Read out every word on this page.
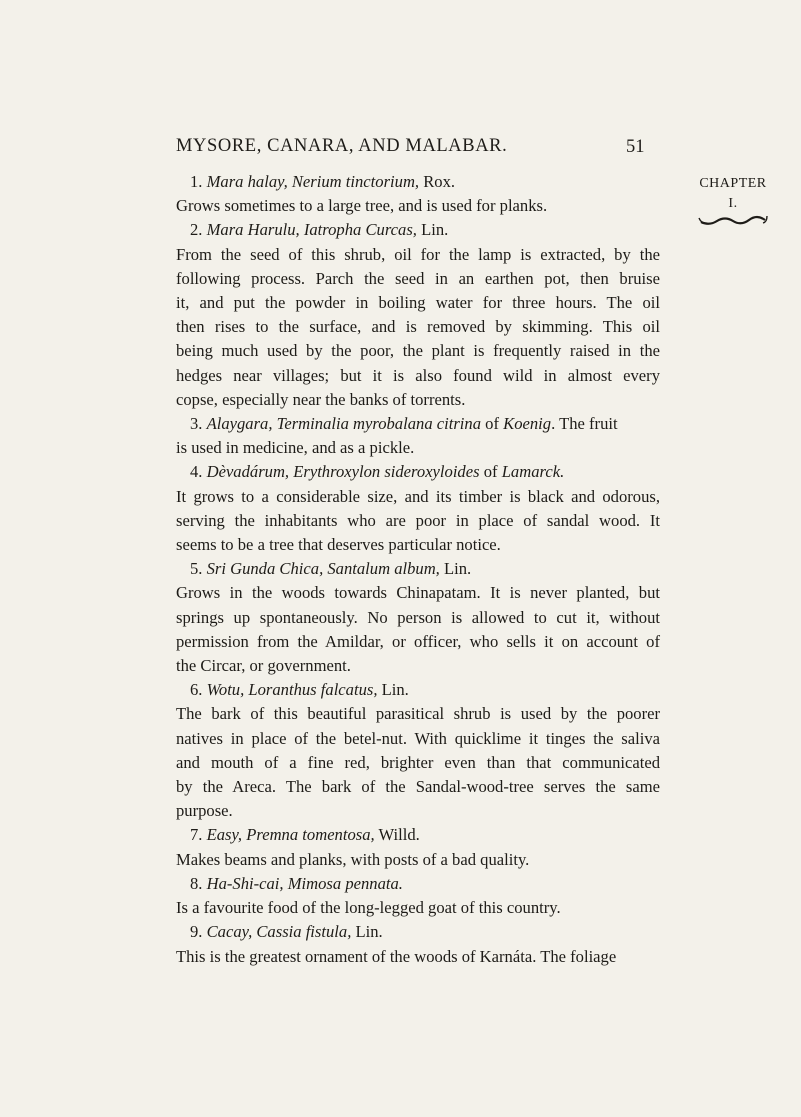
MYSORE, CANARA, AND MALABAR.	51
CHAPTER
I.
1. Mara halay, Nerium tinctorium, Rox.
Grows sometimes to a large tree, and is used for planks.
2. Mara Harulu, Iatropha Curcas, Lin.
From the seed of this shrub, oil for the lamp is extracted, by the
following process. Parch the seed in an earthen pot, then bruise
it, and put the powder in boiling water for three hours. The oil
then rises to the surface, and is removed by skimming. This oil
being much used by the poor, the plant is frequently raised in the
hedges near villages; but it is also found wild in almost every
copse, especially near the banks of torrents.
3. Alaygara, Terminalia myrobalana citrina of Koenig. The fruit
is used in medicine, and as a pickle.
4. Dèvadárum, Erythroxylon sideroxyloides of Lamarck.
It grows to a considerable size, and its timber is black and odorous,
serving the inhabitants who are poor in place of sandal wood. It
seems to be a tree that deserves particular notice.
5. Sri Gunda Chica, Santalum album, Lin.
Grows in the woods towards Chinapatam. It is never planted, but
springs up spontaneously. No person is allowed to cut it, without
permission from the Amildar, or officer, who sells it on account of
the Circar, or government.
6. Wotu, Loranthus falcatus, Lin.
The bark of this beautiful parasitical shrub is used by the poorer
natives in place of the betel-nut. With quicklime it tinges the saliva
and mouth of a fine red, brighter even than that communicated
by the Areca. The bark of the Sandal-wood-tree serves the same
purpose.
7. Easy, Premna tomentosa, Willd.
Makes beams and planks, with posts of a bad quality.
8. Ha-Shi-cai, Mimosa pennata.
Is a favourite food of the long-legged goat of this country.
9. Cacay, Cassia fistula, Lin.
This is the greatest ornament of the woods of Karnáta. The foliage
